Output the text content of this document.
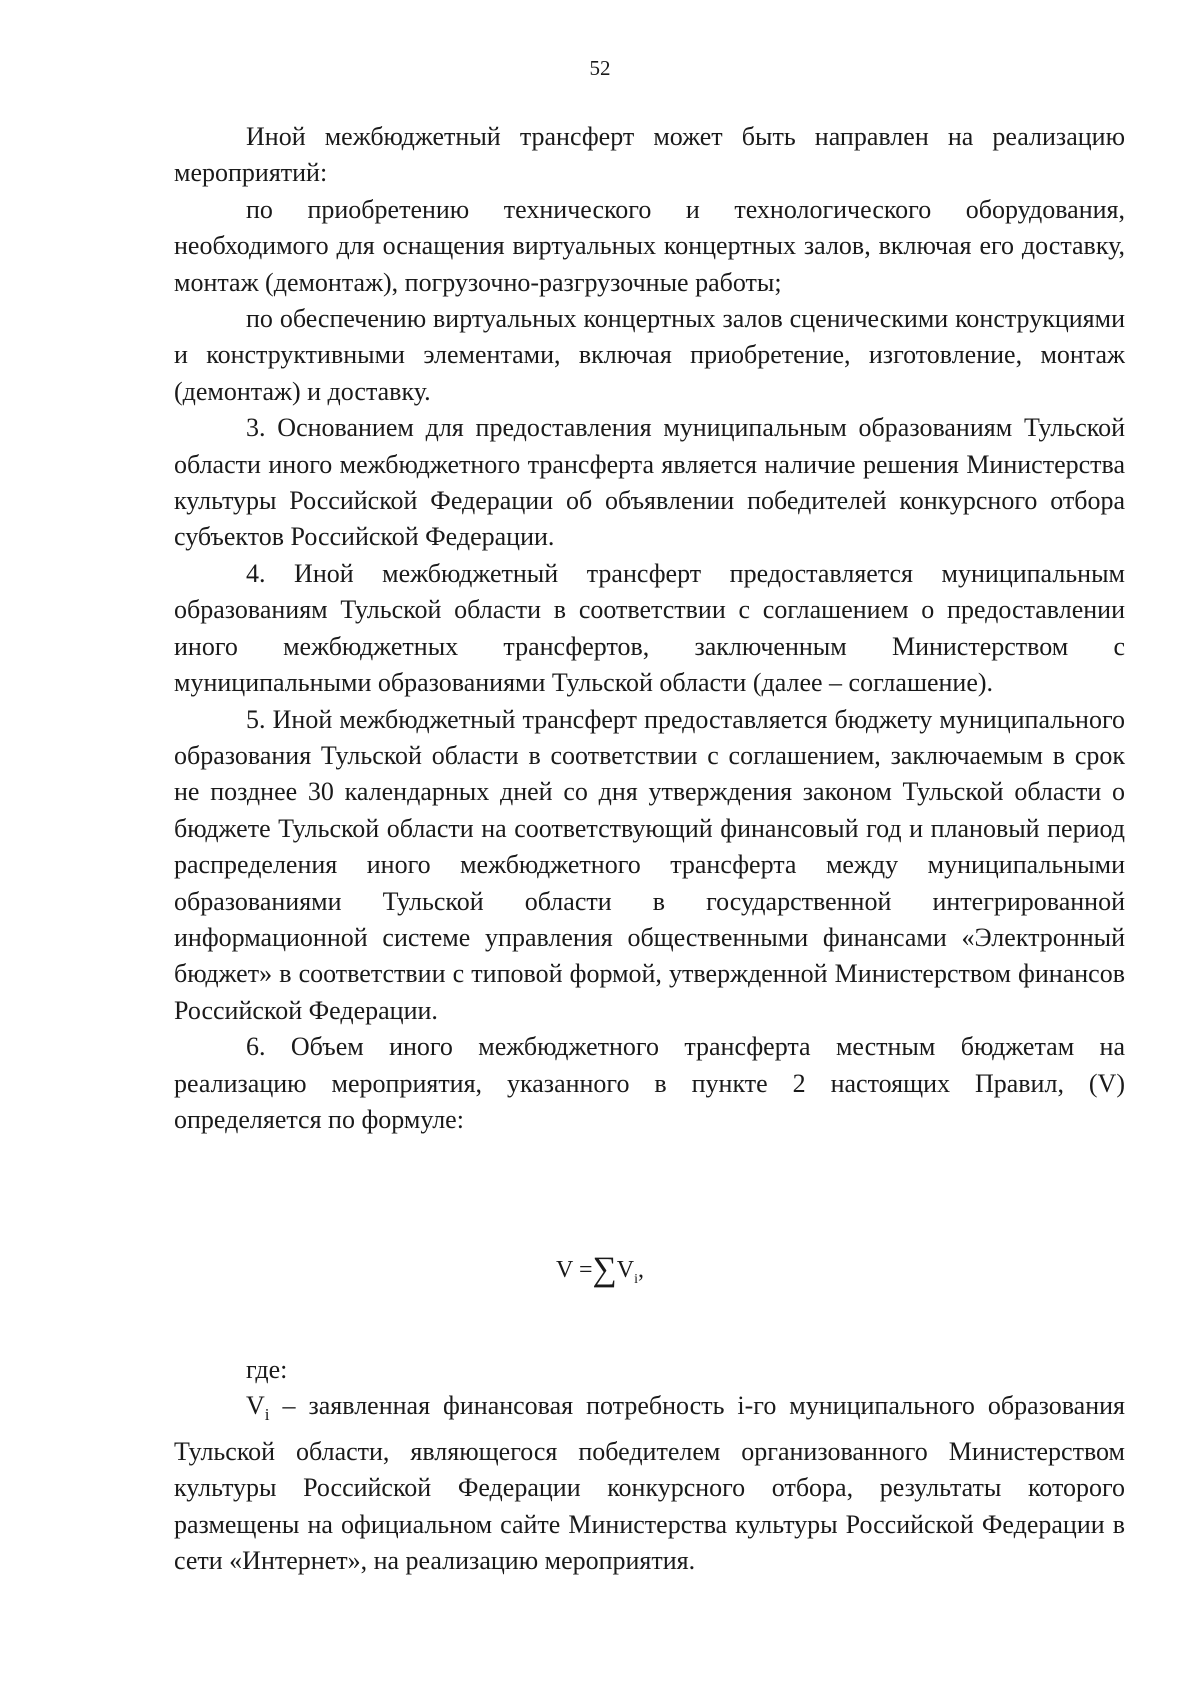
52

Иной межбюджетный трансферт может быть направлен на реализацию мероприятий:

по приобретению технического и технологического оборудования, необходимого для оснащения виртуальных концертных залов, включая его доставку, монтаж (демонтаж), погрузочно-разгрузочные работы;

по обеспечению виртуальных концертных залов сценическими конструкциями и конструктивными элементами, включая приобретение, изготовление, монтаж (демонтаж) и доставку.

3. Основанием для предоставления муниципальным образованиям Тульской области иного межбюджетного трансферта является наличие решения Министерства культуры Российской Федерации об объявлении победителей конкурсного отбора субъектов Российской Федерации.

4. Иной межбюджетный трансферт предоставляется муниципальным образованиям Тульской области в соответствии с соглашением о предоставлении иного межбюджетных трансфертов, заключенным Министерством с муниципальными образованиями Тульской области (далее – соглашение).

5. Иной межбюджетный трансферт предоставляется бюджету муниципального образования Тульской области в соответствии с соглашением, заключаемым в срок не позднее 30 календарных дней со дня утверждения законом Тульской области о бюджете Тульской области на соответствующий финансовый год и плановый период распределения иного межбюджетного трансферта между муниципальными образованиями Тульской области в государственной интегрированной информационной системе управления общественными финансами «Электронный бюджет» в соответствии с типовой формой, утвержденной Министерством финансов Российской Федерации.

6. Объем иного межбюджетного трансферта местным бюджетам на реализацию мероприятия, указанного в пункте 2 настоящих Правил, (V) определяется по формуле:

$V =\sum V_i$,

где:

$V_i$ – заявленная финансовая потребность i-го муниципального образования Тульской области, являющегося победителем организованного Министерством культуры Российской Федерации конкурсного отбора, результаты которого размещены на официальном сайте Министерства культуры Российской Федерации в сети «Интернет», на реализацию мероприятия.
